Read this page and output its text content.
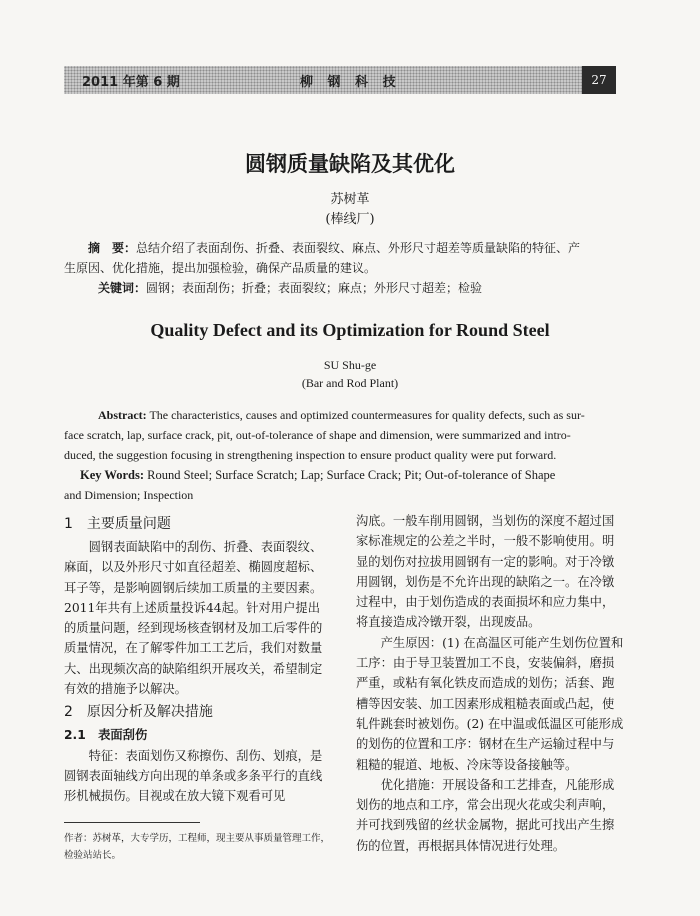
2011 年第 6 期	柳 钢 科 技	27
圆钢质量缺陷及其优化
苏树革
(棒线厂)
摘　要：总结介绍了表面刮伤、折叠、表面裂纹、麻点、外形尺寸超差等质量缺陷的特征、产
生原因、优化措施，提出加强检验，确保产品质量的建议。
关键词：圆钢；表面刮伤；折叠；表面裂纹；麻点；外形尺寸超差；检验
Quality Defect and its Optimization for Round Steel
SU Shu-ge
(Bar and Rod Plant)
Abstract: The characteristics, causes and optimized countermeasures for quality defects, such as sur-
face scratch, lap, surface crack, pit, out-of-tolerance of shape and dimension, were summarized and intro-
duced, the suggestion focusing in strengthening inspection to ensure product quality were put forward.
Key Words: Round Steel; Surface Scratch; Lap; Surface Crack; Pit; Out-of-tolerance of Shape
and Dimension; Inspection

1　主要质量问题

圆钢表面缺陷中的刮伤、折叠、表面裂纹、麻面，以及外形尺寸如直径超差、椭圆度超标、耳子等，是影响圆钢后续加工质量的主要因素。2011年共有上述质量投诉44起。针对用户提出的质量问题，经到现场核查钢材及加工后零件的质量情况，在了解零件加工工艺后，我们对数量大、出现频次高的缺陷组织开展攻关，希望制定有效的措施予以解决。

2　原因分析及解决措施

2.1　表面刮伤

特征：表面划伤又称擦伤、刮伤、划痕，是圆钢表面轴线方向出现的单条或多条平行的直线形机械损伤。目视或在放大镜下观看可见

沟底。一般车削用圆钢，当划伤的深度不超过国家标准规定的公差之半时，一般不影响使用。明显的划伤对拉拔用圆钢有一定的影响。对于冷镦用圆钢，划伤是不允许出现的缺陷之一。在冷镦过程中，由于划伤造成的表面损坏和应力集中，将直接造成冷镦开裂，出现废品。

产生原因：(1) 在高温区可能产生划伤位置和工序：由于导卫装置加工不良，安装偏斜，磨损严重，或粘有氧化铁皮而造成的划伤；活套、跑槽等因安装、加工因素形成粗糙表面或凸起，使轧件跳套时被划伤。(2) 在中温或低温区可能形成的划伤的位置和工序：钢材在生产运输过程中与粗糙的辊道、地板、冷床等设备接触等。

优化措施：开展设备和工艺排查，凡能形成划伤的地点和工序，常会出现火花或尖利声响，并可找到残留的丝状金属物，据此可找出产生擦伤的位置，再根据具体情况进行处理。

作者：苏树革，大专学历，工程师，现主要从事质量管理工作，检验站站长。
